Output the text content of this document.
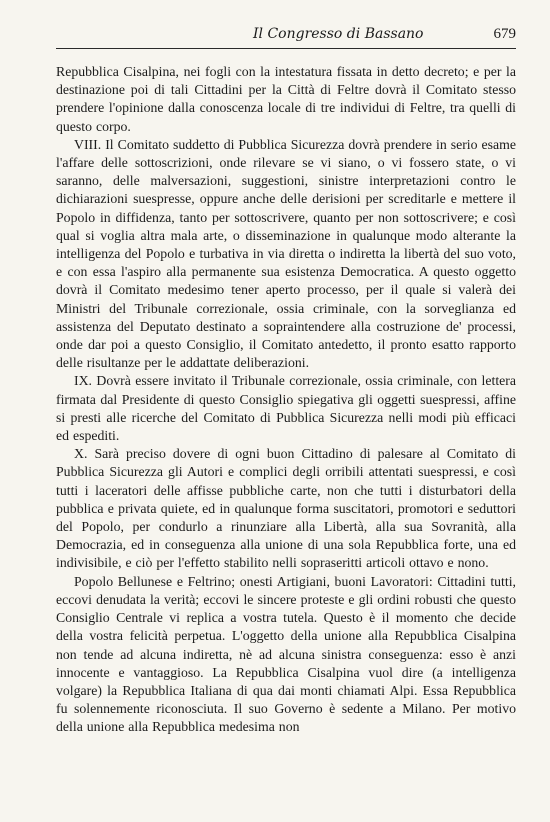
Il Congresso di Bassano	679

Repubblica Cisalpina, nei fogli con la intestatura fissata in detto decreto; e per la destinazione poi di tali Cittadini per la Città di Feltre dovrà il Comitato stesso prendere l'opinione dalla conoscenza locale di tre individui di Feltre, tra quelli di questo corpo.

VIII. Il Comitato suddetto di Pubblica Sicurezza dovrà prendere in serio esame l'affare delle sottoscrizioni, onde rilevare se vi siano, o vi fossero state, o vi saranno, delle malversazioni, suggestioni, sinistre interpretazioni contro le dichiarazioni suespresse, oppure anche delle derisioni per screditarle e mettere il Popolo in diffidenza, tanto per sottoscrivere, quanto per non sottoscrivere; e così qual si voglia altra mala arte, o disseminazione in qualunque modo alterante la intelligenza del Popolo e turbativa in via diretta o indiretta la libertà del suo voto, e con essa l'aspiro alla permanente sua esistenza Democratica. A questo oggetto dovrà il Comitato medesimo tener aperto processo, per il quale si valerà dei Ministri del Tribunale correzionale, ossia criminale, con la sorveglianza ed assistenza del Deputato destinato a sopraintendere alla costruzione de' processi, onde dar poi a questo Consiglio, il Comitato antedetto, il pronto esatto rapporto delle risultanze per le addattate deliberazioni.

IX. Dovrà essere invitato il Tribunale correzionale, ossia criminale, con lettera firmata dal Presidente di questo Consiglio spiegativa gli oggetti suespressi, affine si presti alle ricerche del Comitato di Pubblica Sicurezza nelli modi più efficaci ed espediti.

X. Sarà preciso dovere di ogni buon Cittadino di palesare al Comitato di Pubblica Sicurezza gli Autori e complici degli orribili attentati suespressi, e così tutti i laceratori delle affisse pubbliche carte, non che tutti i disturbatori della pubblica e privata quiete, ed in qualunque forma suscitatori, promotori e seduttori del Popolo, per condurlo a rinunziare alla Libertà, alla sua Sovranità, alla Democrazia, ed in conseguenza alla unione di una sola Repubblica forte, una ed indivisibile, e ciò per l'effetto stabilito nelli sopraseritti articoli ottavo e nono.

Popolo Bellunese e Feltrino; onesti Artigiani, buoni Lavoratori: Cittadini tutti, eccovi denudata la verità; eccovi le sincere proteste e gli ordini robusti che questo Consiglio Centrale vi replica a vostra tutela. Questo è il momento che decide della vostra felicità perpetua. L'oggetto della unione alla Repubblica Cisalpina non tende ad alcuna indiretta, nè ad alcuna sinistra conseguenza: esso è anzi innocente e vantaggioso. La Repubblica Cisalpina vuol dire (a intelligenza volgare) la Repubblica Italiana di qua dai monti chiamati Alpi. Essa Repubblica fu solennemente riconosciuta. Il suo Governo è sedente a Milano. Per motivo della unione alla Repubblica medesima non
